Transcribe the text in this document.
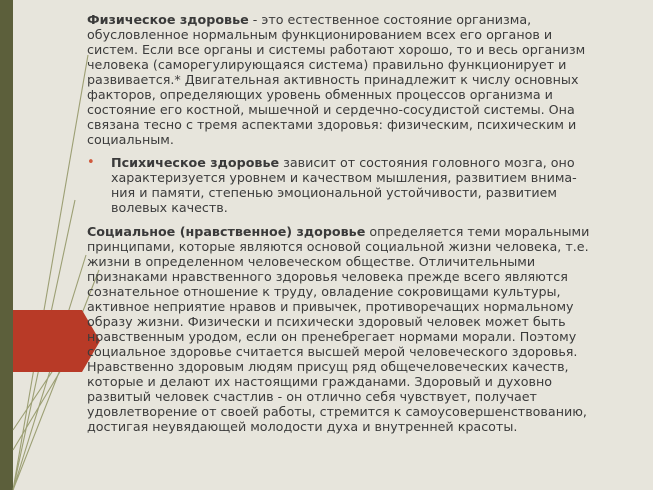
Физическое здоровье - это естественное состояние организма, обусловленное нормальным функционированием всех его органов и систем. Если все органы и системы работают хорошо, то и весь организм человека (саморегулирующаяся система) правильно функционирует и развивается.* Двигательная активность принадлежит к числу основных факторов, определяющих уровень обменных процессов организма и состояние его костной, мышечной и сердечно-сосудистой системы. Она связана тесно с тремя аспектами здоровья: физическим, психическим и социальным.

• Психическое здоровье зависит от состояния головного мозга, оно характеризуется уровнем и качеством мышления, развитием внима-ния и памяти, степенью эмоциональной устойчивости, развитием волевых качеств.

Социальное (нравственное) здоровье определяется теми моральными принципами, которые являются основой социальной жизни человека, т.е. жизни в определенном человеческом обществе. Отличительными признаками нравственного здоровья человека прежде всего являются сознательное отношение к труду, овладение сокровищами культуры, активное неприятие нравов и привычек, противоречащих нормальному образу жизни. Физически и психически здоровый человек может быть нравственным уродом, если он пренебрегает нормами морали. Поэтому социальное здоровье считается высшей мерой человеческого здоровья. Нравственно здоровым людям присущ ряд общечеловеческих качеств, которые и делают их настоящими гражданами. Здоровый и духовно развитый человек счастлив - он отлично себя чувствует, получает удовлетворение от своей работы, стремится к самоусовершенствованию, достигая неувядающей молодости духа и внутренней красоты.
